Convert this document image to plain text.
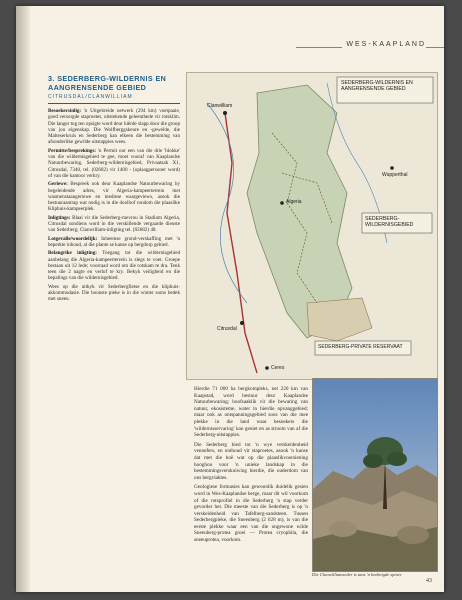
WES-KAAPLAND
3. SEDERBERG-WILDERNIS EN AANGRENSENDE GEBIED
CITRUSDAL/CLANWILLIAM

Besoekersinlig: 'n Uitgebreide netwerk (294 km) voetpaaie, goed versorgde staproetes, uitstekende geleenthede vir rotsklim. Die langer tog ten opsigte word deur hiërde slapp door die groop van jou eigenskap. Die Wolfberggskeure en -gewelde, die Malteserkruis en Sederberg kan elkeen die bestemming van afsonderlike gewilde uitstappies wees.

Permitte/besprekings: 'n Permit oor een van die drie 'blokke' van die wildernisgebied te gee, moet vooraf van Kaaplandse Natuurbewaring, Sederberg-wildernisgebied, Privaatsak X1, Citrusdal, 7340, tel. (02682) vir 1400 - (oplaagpersoner word) of van die kantoor verkry.

Geriewe: Bespreek ook deur Kaaplandse Natuurbewaring by begeleidende adres, vir Algeria-kampeerterrein met wasmenstaangeriewe en mediese waargeviews, asook die bestuuraantrap wat nodig is in die doolhof rondom die plaaslike Kliphuis-kampeerplek.

Inligtings: Blaai vir die Sederberg-mevrou in Stadium Algeria, Citrusdal sondiens word in die verskillende vergaarde dienste van Sederberg; Clanwilliam-inligting tel. (02682) 48.

Lotgevalle/woordelijk: Inheemse grond-verskaffing met 'n beperkte inhoud, al die plante se kanse op bergdorp gebied.

Belangrike inligting: Toegang tot die wildernisgebied aanbelang die Algeria-kampeerterrein is slegs te voet. Groepe bestaan uit 12 lede; voorraad word om die rotskam te dra. Tenk teen die 2 nagte en verlof te kry. Bekyk veiligheid en die bepalings van die wildernisgebied.

Wees op die uitkyk vir Sederbergfietse en die kliphuis-akkommodasie. Die boonste pieke is in die winter soms bedek met sneeu.

SEDERBERG-WILDERNIS EN AANGRENSENDE GEBIED
SEDERBERG-WILDERNISGEBIED
SEDERBERG-PRIVATE RESERVAAT
Clanwilliam
Citrusdal
Algeria
Wupperthal
Ceres

Hierdie 71 000 ha bergkompleks, net 220 km van Kaapstad, word bestuur deur Kaaplandse Natuurbewaring; hoofsaaklik vir die bewaring van natuur, ekosisteme, water in hierdie opvanggebied; maar ook as ontspanningsgebied soos van die mee plekke in die land waar besoekers die 'wildernisservaring' kan geniet en as stroom van af die Sederberg-uitstappies.

Die Sederberg bied tot 'n wye verskeidenheid vennefers, en onthoud vir staproetes, asook 'n kanse dat met die hoë wat op die plaaslikvoorsiening hooghou voor 'n unieke landskap in die bestemmingsverskuiwing hierdie, die ouderdom van ons bergvlaktes.

Geologiese formasies kan gewoonlik duidelik gesien word in Wes-Kaaplandse berge, maar dit wil voorkom of die rotsprofiel in die Sederberg 'n stap verder gevorder het. Die meeste van die Sederberg is op 'n verskeidenheid van Tafelberg-sandsteen. Tussen Sederbergpieke, die Sneeuberg (2 028 m), is van die eerste plekke waar een van die ongewone wilde Sneeuberg-protea groei — Protea cryophila, die sneeuprotea, voorkom.

Die Clanwilliamseder is tans 'n bedreigde spesie
43
